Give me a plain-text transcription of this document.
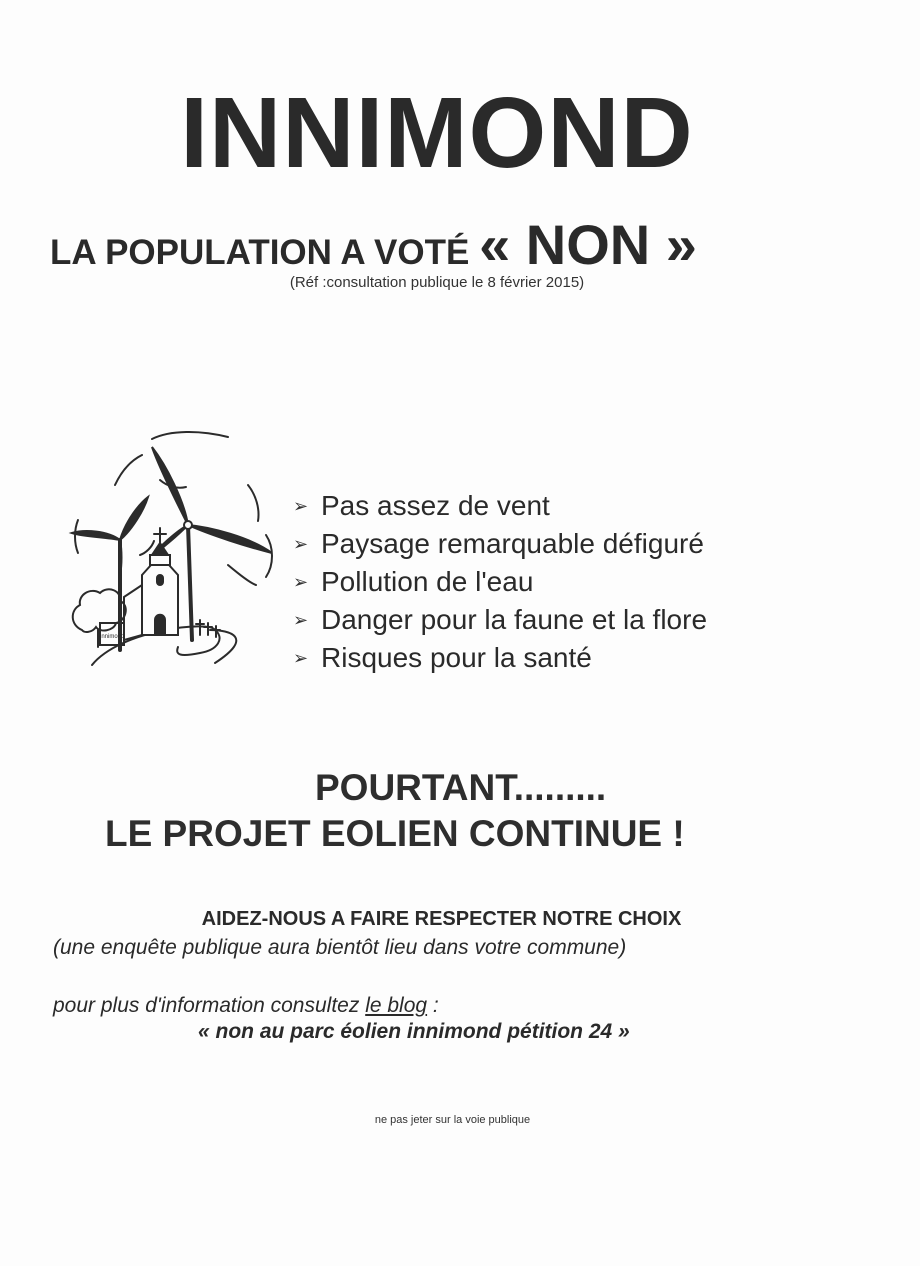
INNIMOND
LA POPULATION A VOTÉ « NON »
(Réf :consultation publique le 8 février 2015)
Innimond
➢ Pas assez de vent
➢ Paysage remarquable défiguré
➢ Pollution de l'eau
➢ Danger pour la faune et la flore
➢ Risques pour la santé
POURTANT.........
LE PROJET EOLIEN CONTINUE !
AIDEZ-NOUS A FAIRE RESPECTER NOTRE CHOIX
(une enquête publique aura bientôt lieu dans votre commune)
pour plus d'information consultez le blog :
« non au parc éolien innimond pétition 24 »
ne pas jeter sur la voie publique
